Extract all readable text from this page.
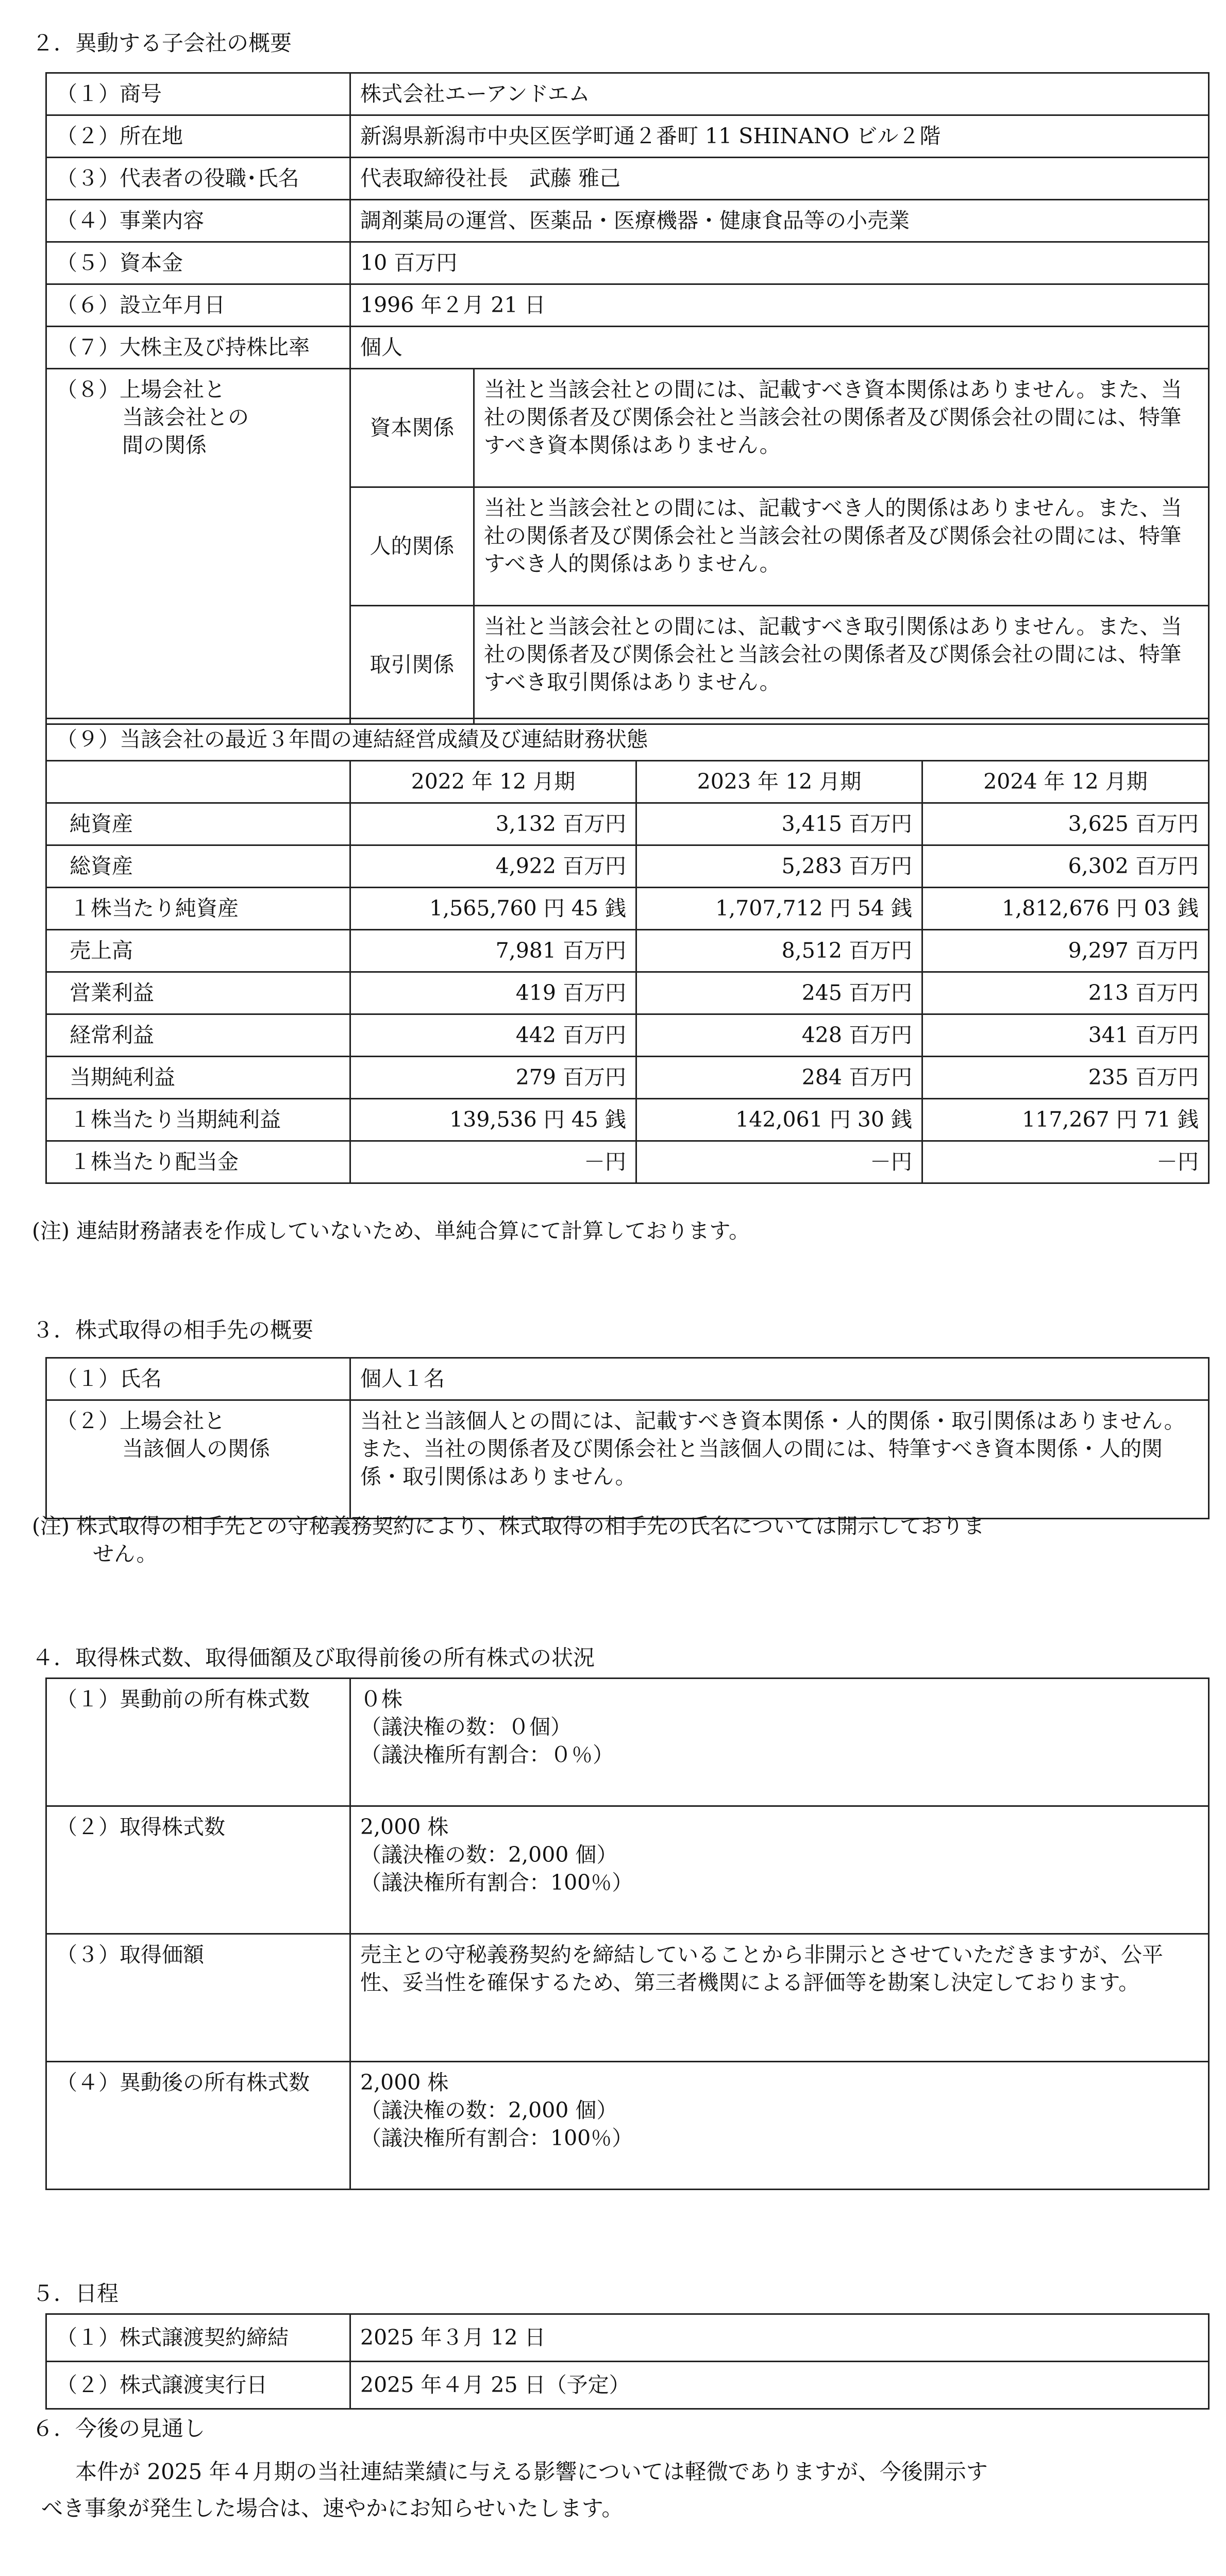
２．異動する子会社の概要
（１）商号	株式会社エーアンドエム	
（２）所在地	新潟県新潟市中央区医学町通２番町 11 SHINANO ビル２階	
（３）代表者の役職･氏名	代表取締役社長　武藤 雅己	
（４）事業内容	調剤薬局の運営、医薬品・医療機器・健康食品等の小売業	
（５）資本金	10 百万円	
（６）設立年月日	1996 年２月 21 日	
（７）大株主及び持株比率	個人	
（８）上場会社と

当該会社との
間の関係	資本関係	当社と当該会社との間には、記載すべき資本関係はありません。また、当社の関係者及び関係会社と当該会社の関係者及び関係会社の間には、特筆すべき資本関係はありません。
	人的関係	当社と当該会社との間には、記載すべき人的関係はありません。また、当社の関係者及び関係会社と当該会社の関係者及び関係会社の間には、特筆すべき人的関係はありません。
	取引関係	当社と当該会社との間には、記載すべき取引関係はありません。また、当社の関係者及び関係会社と当該会社の関係者及び関係会社の間には、特筆すべき取引関係はありません。
（９）当該会社の最近３年間の連結経営成績及び連結財務状態			
	2022 年 12 月期	2023 年 12 月期	2024 年 12 月期

純資産	3,132 百万円	3,415 百万円	3,625 百万円

総資産	4,922 百万円	5,283 百万円	6,302 百万円

１株当たり純資産	1,565,760 円 45 銭	1,707,712 円 54 銭	1,812,676 円 03 銭

売上高	7,981 百万円	8,512 百万円	9,297 百万円

営業利益	419 百万円	245 百万円	213 百万円

経常利益	442 百万円	428 百万円	341 百万円

当期純利益	279 百万円	284 百万円	235 百万円

１株当たり当期純利益	139,536 円 45 銭	142,061 円 30 銭	117,267 円 71 銭

１株当たり配当金	－円	－円	－円
(注) 連結財務諸表を作成していないため、単純合算にて計算しております。
３．株式取得の相手先の概要
（１）氏名	個人１名
（２）上場会社と

当該個人の関係	当社と当該個人との間には、記載すべき資本関係・人的関係・取引関係はありません。また、当社の関係者及び関係会社と当該個人の間には、特筆すべき資本関係・人的関係・取引関係はありません。
(注) 株式取得の相手先との守秘義務契約により、株式取得の相手先の氏名については開示しておりま
せん。
４．取得株式数、取得価額及び取得前後の所有株式の状況
（１）異動前の所有株式数	０株
（議決権の数：０個）
（議決権所有割合：０％）
（２）取得株式数	2,000 株
（議決権の数：2,000 個）
（議決権所有割合：100％）
（３）取得価額	売主との守秘義務契約を締結していることから非開示とさせていただきますが、公平性、妥当性を確保するため、第三者機関による評価等を勘案し決定しております。
（４）異動後の所有株式数	2,000 株
（議決権の数：2,000 個）
（議決権所有割合：100％）
５．日程
（１）株式譲渡契約締結	2025 年３月 12 日
（２）株式譲渡実行日	2025 年４月 25 日（予定）
６．今後の見通し
本件が 2025 年４月期の当社連結業績に与える影響については軽微でありますが、今後開示す
べき事象が発生した場合は、速やかにお知らせいたします。
